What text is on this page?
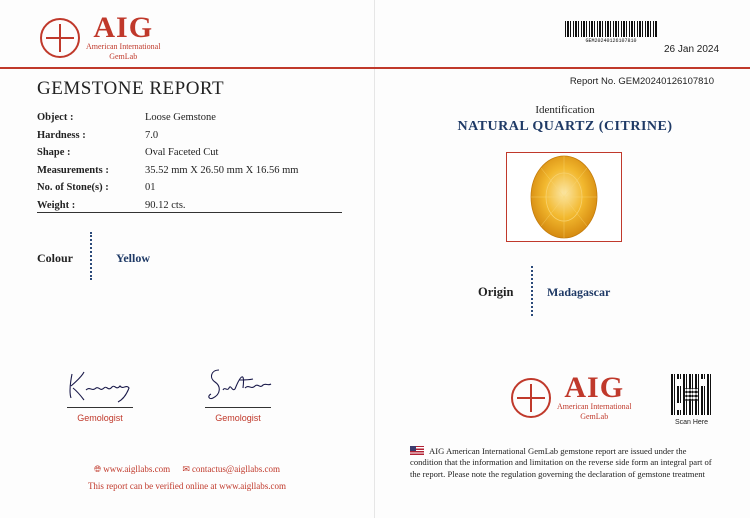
AIG
American International
GemLab
GEMSTONE REPORT
Object :	Loose Gemstone
Hardness :	7.0
Shape :	Oval Faceted Cut
Measurements :	35.52 mm X 26.50 mm X 16.56 mm
No. of Stone(s) :	01
Weight :	90.12 cts.
Colour	Yellow
Gemologist	Gemologist
🌐︎ www.aigllabs.com ✉ contactus@aigllabs.com
This report can be verified online at www.aigllabs.com
GEM20240126107810
26 Jan 2024
Report No. GEM20240126107810
Identification
NATURAL QUARTZ (CITRINE)
Origin	Madagascar
AIG
American International
GemLab
Scan Here
AIG American International GemLab gemstone report are issued under the condition that the information and limitation on the reverse side form an integral part of the report. Please note the regulation governing the declaration of gemstone treatment
